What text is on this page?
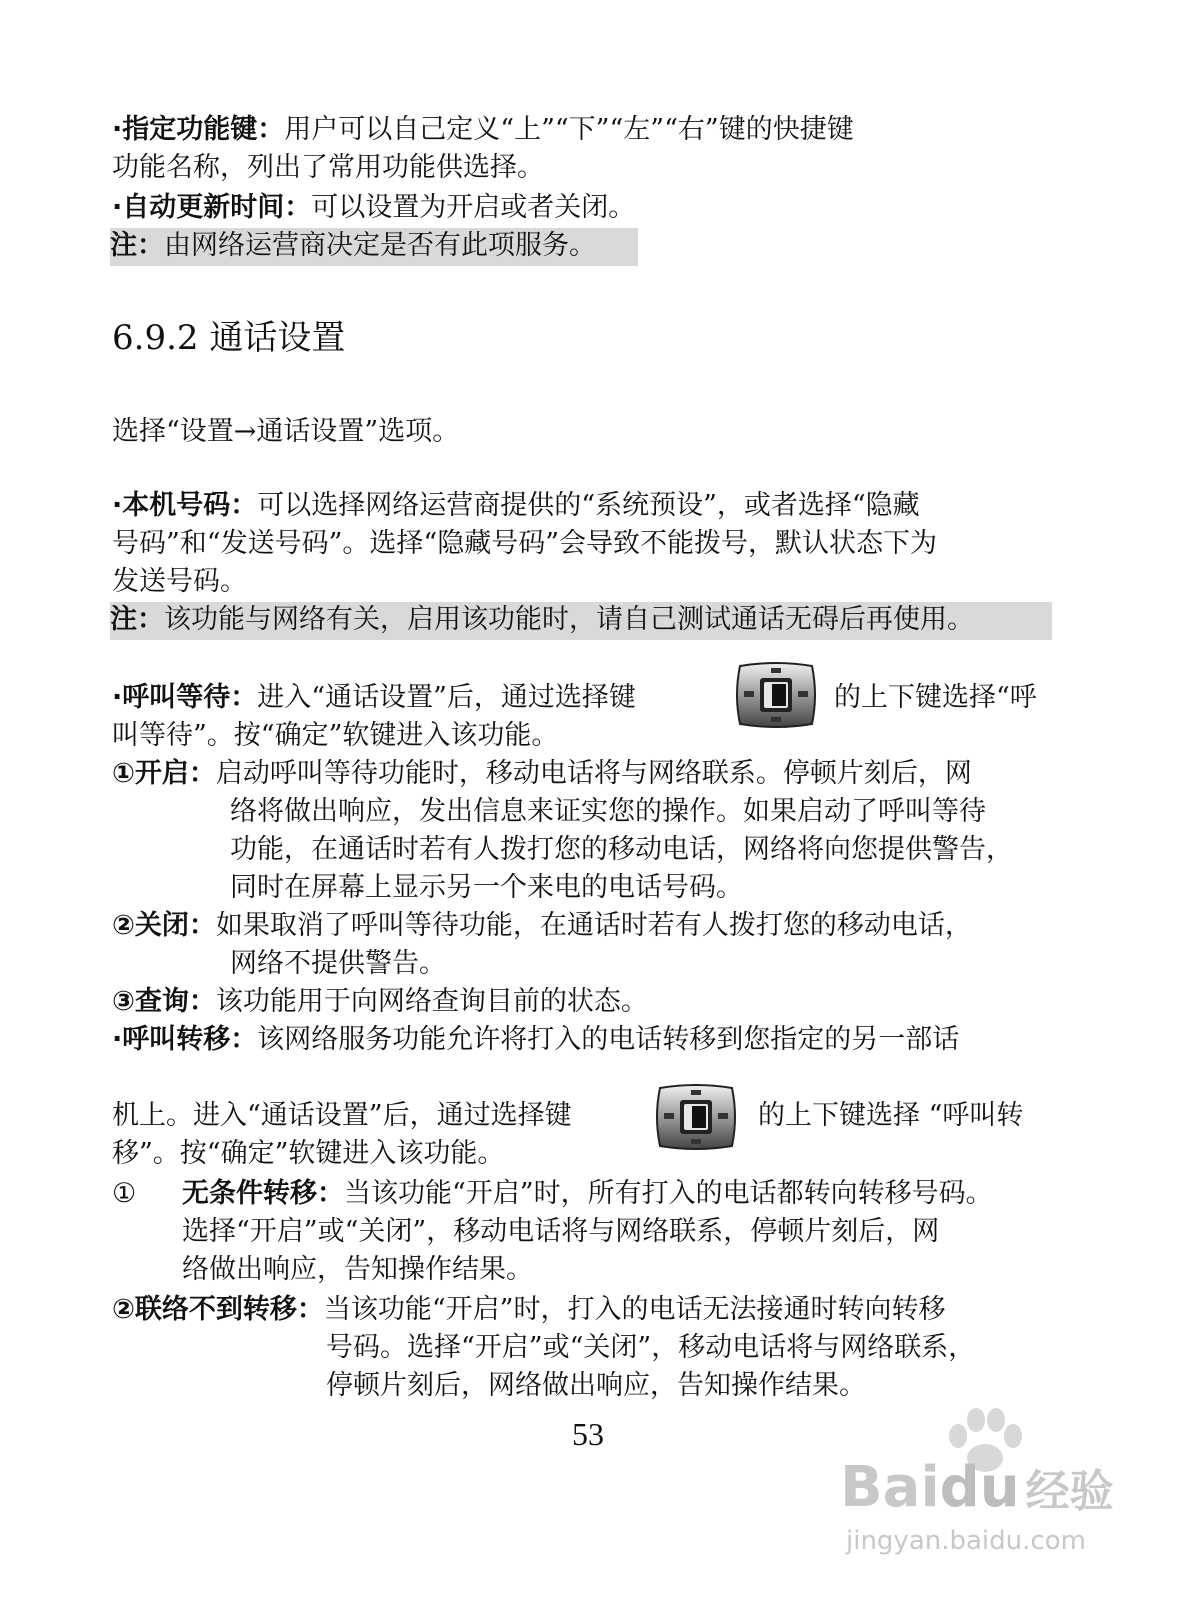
·指定功能键：用户可以自己定义“上”“下”“左”“右”键的快捷键
功能名称，列出了常用功能供选择。
·自动更新时间：可以设置为开启或者关闭。
注：由网络运营商决定是否有此项服务。
6.9.2 通话设置
选择“设置→通话设置”选项。
·本机号码：可以选择网络运营商提供的“系统预设”，或者选择“隐藏
号码”和“发送号码”。选择“隐藏号码”会导致不能拨号，默认状态下为
发送号码。
注：该功能与网络有关，启用该功能时，请自己测试通话无碍后再使用。
·呼叫等待：进入“通话设置”后，通过选择键	的上下键选择“呼
叫等待”。按“确定”软键进入该功能。
①开启：启动呼叫等待功能时，移动电话将与网络联系。停顿片刻后，网
络将做出响应，发出信息来证实您的操作。如果启动了呼叫等待
功能，在通话时若有人拨打您的移动电话，网络将向您提供警告，
同时在屏幕上显示另一个来电的电话号码。
②关闭：如果取消了呼叫等待功能，在通话时若有人拨打您的移动电话，
网络不提供警告。
③查询：该功能用于向网络查询目前的状态。
·呼叫转移：该网络服务功能允许将打入的电话转移到您指定的另一部话
机上。进入“通话设置”后，通过选择键	的上下键选择 “呼叫转
移”。按“确定”软键进入该功能。
① 无条件转移：当该功能“开启”时，所有打入的电话都转向转移号码。
选择“开启”或“关闭”，移动电话将与网络联系，停顿片刻后，网
络做出响应，告知操作结果。
②联络不到转移：当该功能“开启”时，打入的电话无法接通时转向转移
号码。选择“开启”或“关闭”，移动电话将与网络联系，
停顿片刻后，网络做出响应，告知操作结果。
53
Baidu 经验
jingyan.baidu.com
